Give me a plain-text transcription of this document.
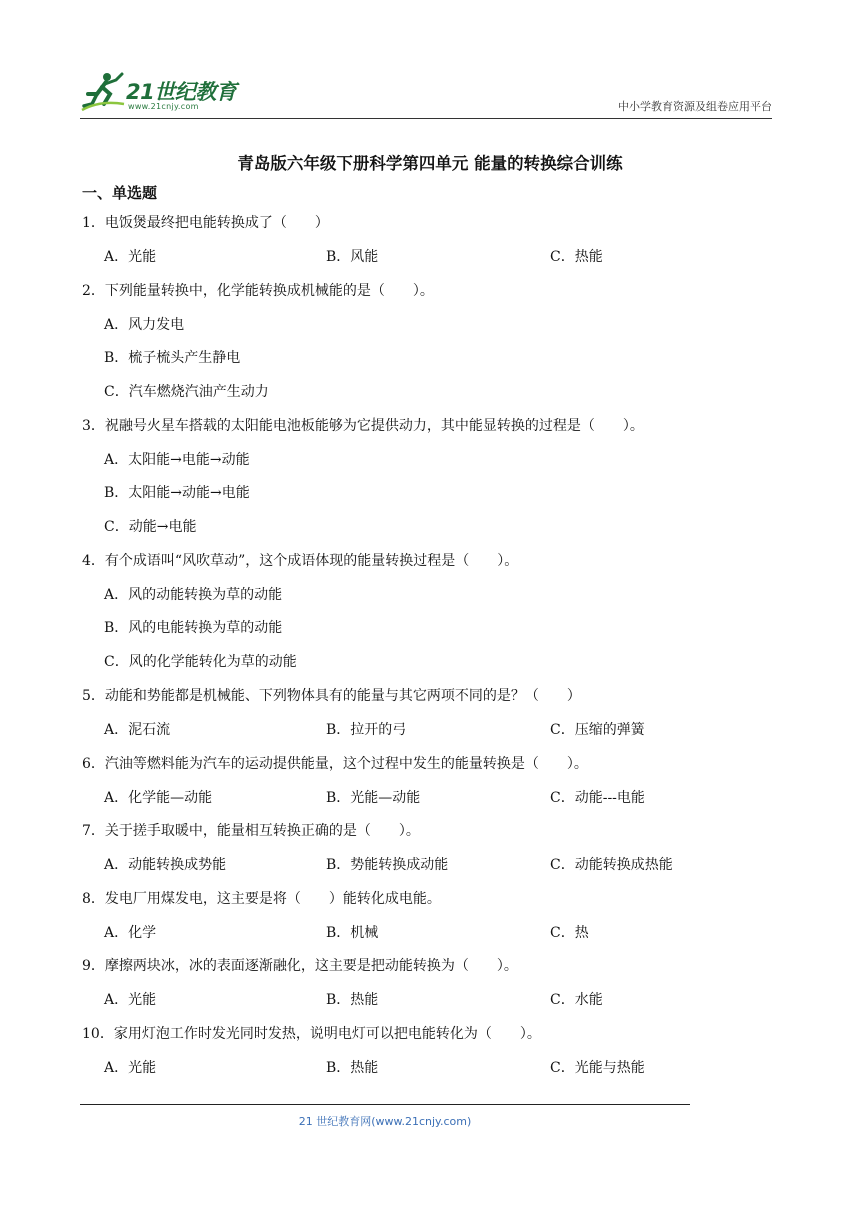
21世纪教育
www.21cnjy.com	中小学教育资源及组卷应用平台
青岛版六年级下册科学第四单元 能量的转换综合训练
一、单选题
1．电饭煲最终把电能转换成了（　　）
A．光能	B．风能	C．热能
2．下列能量转换中，化学能转换成机械能的是（　　）。
A．风力发电
B．梳子梳头产生静电
C．汽车燃烧汽油产生动力
3．祝融号火星车搭载的太阳能电池板能够为它提供动力，其中能显转换的过程是（　　）。
A．太阳能→电能→动能
B．太阳能→动能→电能
C．动能→电能
4．有个成语叫“风吹草动”，这个成语体现的能量转换过程是（　　）。
A．风的动能转换为草的动能
B．风的电能转换为草的动能
C．风的化学能转化为草的动能
5．动能和势能都是机械能、下列物体具有的能量与其它两项不同的是？（　　）
A．泥石流	B．拉开的弓	C．压缩的弹簧
6．汽油等燃料能为汽车的运动提供能量，这个过程中发生的能量转换是（　　）。
A．化学能—动能	B．光能—动能	C．动能---电能
7．关于搓手取暖中，能量相互转换正确的是（　　）。
A．动能转换成势能	B．势能转换成动能	C．动能转换成热能
8．发电厂用煤发电，这主要是将（　　）能转化成电能。
A．化学	B．机械	C．热
9．摩擦两块冰，冰的表面逐渐融化，这主要是把动能转换为（　　）。
A．光能	B．热能	C．水能
10．家用灯泡工作时发光同时发热，说明电灯可以把电能转化为（　　）。
A．光能	B．热能	C．光能与热能
21 世纪教育网(www.21cnjy.com)
